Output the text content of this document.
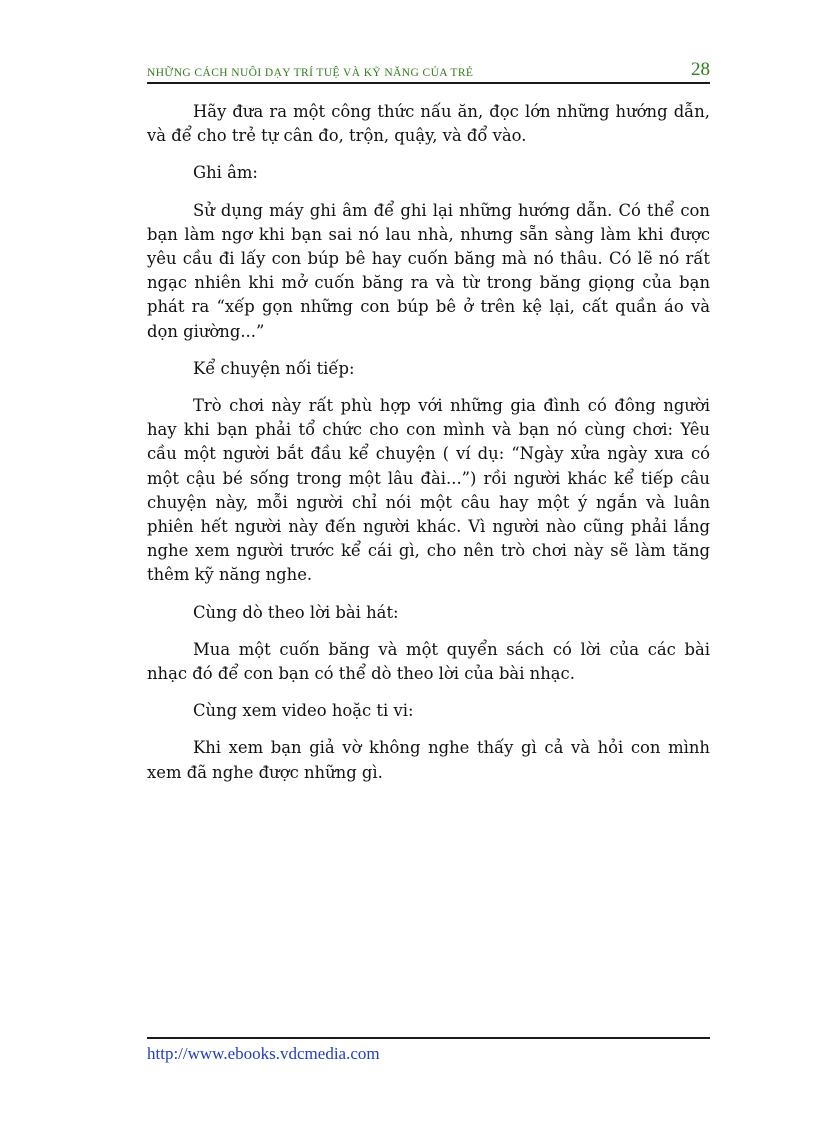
NHỮNG CÁCH NUÔI DẠY TRÍ TUỆ VÀ KỸ NĂNG CỦA TRẺ	28

Hãy đưa ra một công thức nấu ăn, đọc lớn những hướng dẫn, và để cho trẻ tự cân đo, trộn, quậy, và đổ vào.

Ghi âm:

Sử dụng máy ghi âm để ghi lại những hướng dẫn. Có thể con bạn làm ngơ khi bạn sai nó lau nhà, nhưng sẵn sàng làm khi được yêu cầu đi lấy con búp bê hay cuốn băng mà nó thâu. Có lẽ nó rất ngạc nhiên khi mở cuốn băng ra và từ trong băng giọng của bạn phát ra “xếp gọn những con búp bê ở trên kệ lại, cất quần áo và dọn giường...”

Kể chuyện nối tiếp:

Trò chơi này rất phù hợp với những gia đình có đông người hay khi bạn phải tổ chức cho con mình và bạn nó cùng chơi: Yêu cầu một người bắt đầu kể chuyện ( ví dụ: “Ngày xửa ngày xưa có một cậu bé sống trong một lâu đài...”) rồi người khác kể tiếp câu chuyện này, mỗi người chỉ nói một câu hay một ý ngắn và luân phiên hết người này đến người khác. Vì người nào cũng phải lắng nghe xem người trước kể cái gì, cho nên trò chơi này sẽ làm tăng thêm kỹ năng nghe.

Cùng dò theo lời bài hát:

Mua một cuốn băng và một quyển sách có lời của các bài nhạc đó để con bạn có thể dò theo lời của bài nhạc.

Cùng xem video hoặc ti vi:

Khi xem bạn giả vờ không nghe thấy gì cả và hỏi con mình xem đã nghe được những gì.

http://www.ebooks.vdcmedia.com
